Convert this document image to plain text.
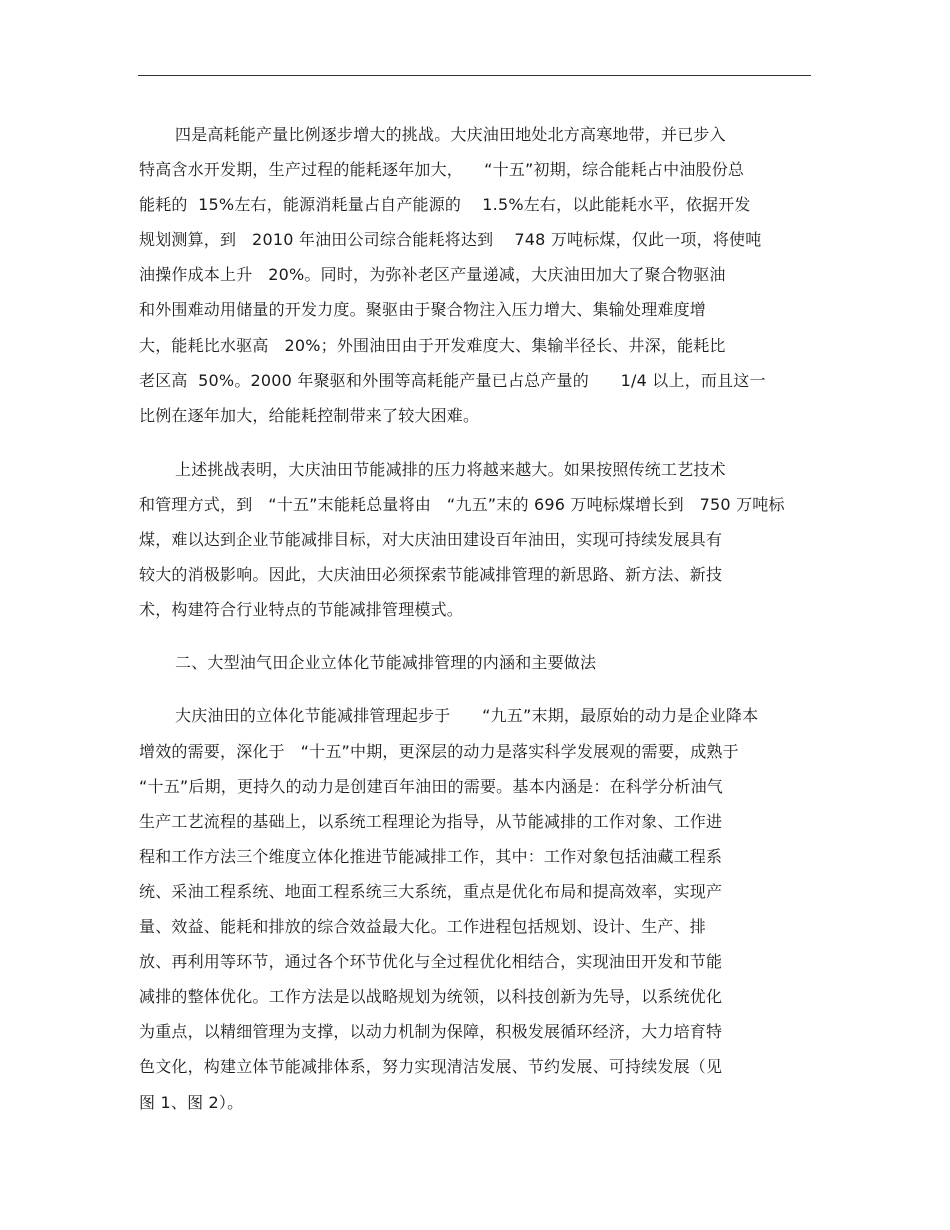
四是高耗能产量比例逐步增大的挑战。大庆油田地处北方高寒地带，并已步入
特高含水开发期，生产过程的能耗逐年加大，    “十五”初期，综合能耗占中油股份总
能耗的  15%左右，能源消耗量占自产能源的    1.5%左右，以此能耗水平，依据开发
规划测算，到   2010 年油田公司综合能耗将达到    748 万吨标煤，仅此一项，将使吨
油操作成本上升   20%。同时，为弥补老区产量递减，大庆油田加大了聚合物驱油
和外围难动用储量的开发力度。聚驱由于聚合物注入压力增大、集输处理难度增
大，能耗比水驱高   20%；外围油田由于开发难度大、集输半径长、井深，能耗比
老区高  50%。2000 年聚驱和外围等高耗能产量已占总产量的      1/4 以上，而且这一
比例在逐年加大，给能耗控制带来了较大困难。
上述挑战表明，大庆油田节能减排的压力将越来越大。如果按照传统工艺技术
和管理方式，到   “十五”末能耗总量将由   “九五”末的 696 万吨标煤增长到   750 万吨标
煤，难以达到企业节能减排目标，对大庆油田建设百年油田，实现可持续发展具有
较大的消极影响。因此，大庆油田必须探索节能减排管理的新思路、新方法、新技
术，构建符合行业特点的节能减排管理模式。
二、大型油气田企业立体化节能减排管理的内涵和主要做法
大庆油田的立体化节能减排管理起步于      “九五”末期，最原始的动力是企业降本
增效的需要，深化于   “十五”中期，更深层的动力是落实科学发展观的需要，成熟于
“十五”后期，更持久的动力是创建百年油田的需要。基本内涵是：在科学分析油气
生产工艺流程的基础上，以系统工程理论为指导，从节能减排的工作对象、工作进
程和工作方法三个维度立体化推进节能减排工作，其中：工作对象包括油藏工程系
统、采油工程系统、地面工程系统三大系统，重点是优化布局和提高效率，实现产
量、效益、能耗和排放的综合效益最大化。工作进程包括规划、设计、生产、排
放、再利用等环节，通过各个环节优化与全过程优化相结合，实现油田开发和节能
减排的整体优化。工作方法是以战略规划为统领，以科技创新为先导，以系统优化
为重点，以精细管理为支撑，以动力机制为保障，积极发展循环经济，大力培育特
色文化，构建立体节能减排体系，努力实现清洁发展、节约发展、可持续发展（见
图 1、图 2）。
